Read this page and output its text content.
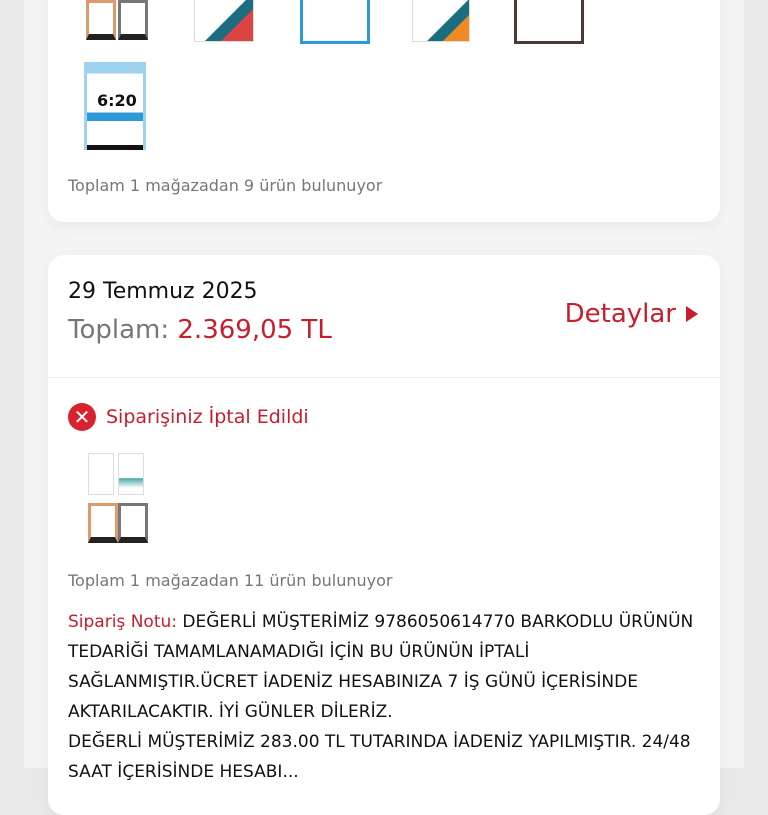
6:20
Toplam 1 mağazadan 9 ürün bulunuyor
29 Temmuz 2025
Toplam: 2.369,05 TL
Detaylar
✕ Siparişiniz İptal Edildi
Toplam 1 mağazadan 11 ürün bulunuyor
Sipariş Notu: DEĞERLİ MÜŞTERİMİZ 9786050614770 BARKODLU ÜRÜNÜN TEDARİĞİ TAMAMLANAMADIĞI İÇİN BU ÜRÜNÜN İPTALİ SAĞLANMIŞTIR.ÜCRET İADENİZ HESABINIZA 7 İŞ GÜNÜ İÇERİSİNDE AKTARILACAKTIR. İYİ GÜNLER DİLERİZ.
DEĞERLİ MÜŞTERİMİZ 283.00 TL TUTARINDA İADENİZ YAPILMIŞTIR. 24/48 SAAT İÇERİSİNDE HESABI...
